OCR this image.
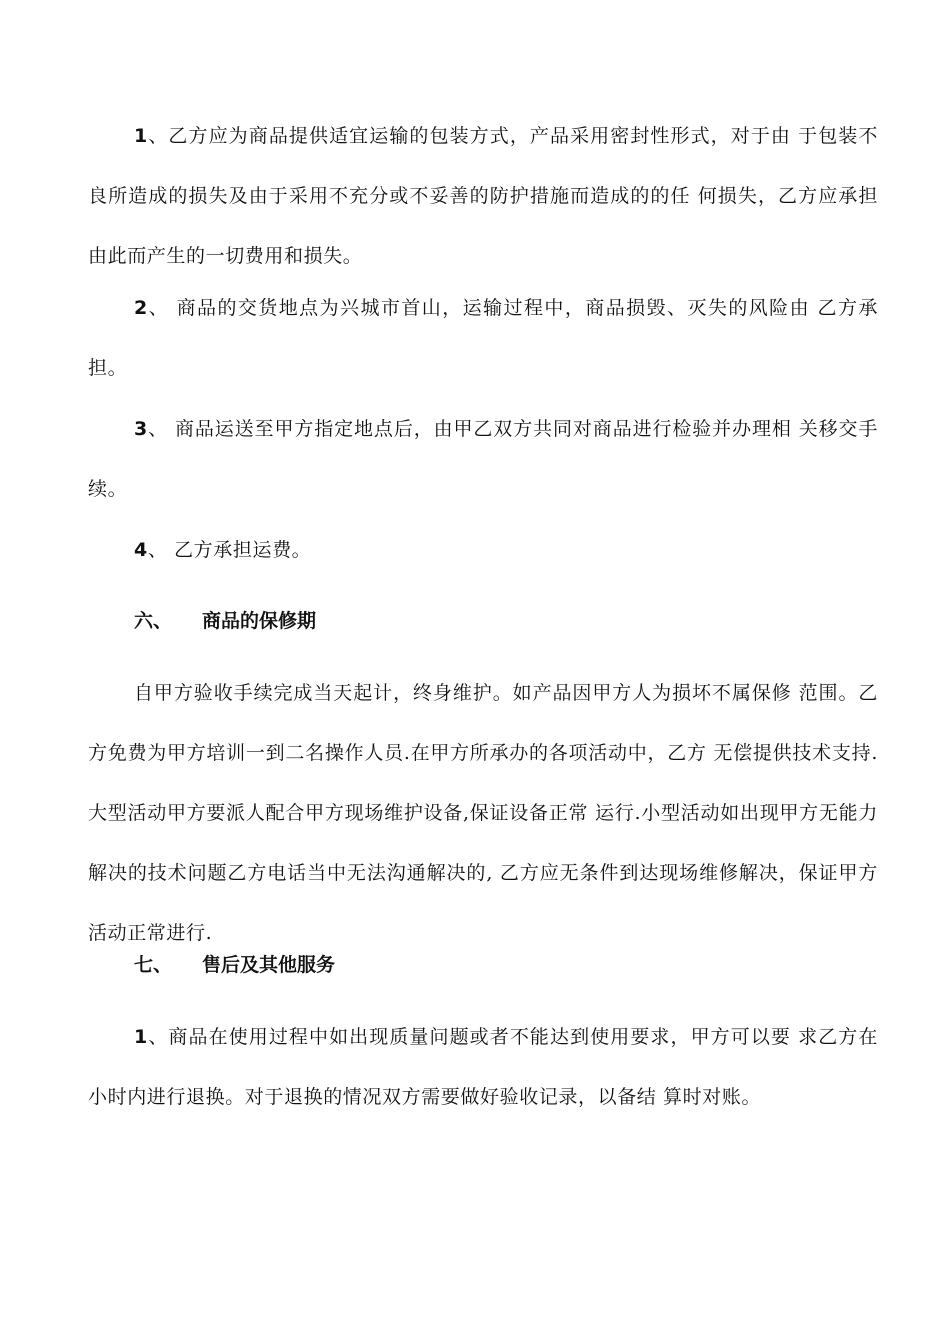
1、乙方应为商品提供适宜运输的包装方式，产品采用密封性形式，对于由 于包装不良所造成的损失及由于采用不充分或不妥善的防护措施而造成的的任 何损失，乙方应承担由此而产生的一切费用和损失。

2、 商品的交货地点为兴城市首山，运输过程中，商品损毁、灭失的风险由 乙方承担。

3、 商品运送至甲方指定地点后，由甲乙双方共同对商品进行检验并办理相 关移交手续。

4、 乙方承担运费。

六、 商品的保修期

自甲方验收手续完成当天起计，终身维护。如产品因甲方人为损坏不属保修 范围。乙方免费为甲方培训一到二名操作人员.在甲方所承办的各项活动中，乙方 无偿提供技术支持.大型活动甲方要派人配合甲方现场维护设备,保证设备正常 运行.小型活动如出现甲方无能力解决的技术问题乙方电话当中无法沟通解决的, 乙方应无条件到达现场维修解决，保证甲方活动正常进行.

七、 售后及其他服务

1、商品在使用过程中如出现质量问题或者不能达到使用要求，甲方可以要 求乙方在 小时内进行退换。对于退换的情况双方需要做好验收记录，以备结 算时对账。
